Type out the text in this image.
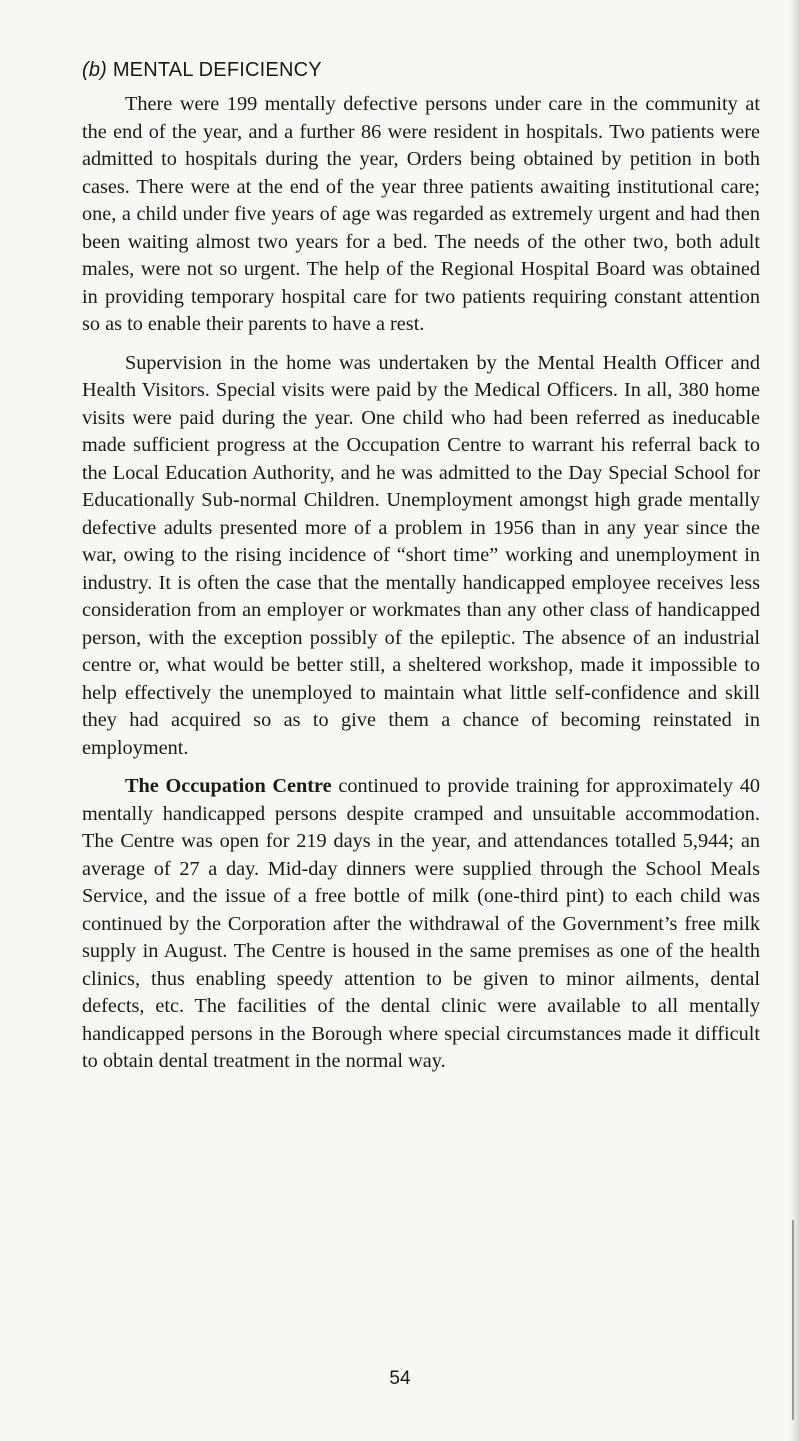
(b) MENTAL DEFICIENCY

There were 199 mentally defective persons under care in the community at the end of the year, and a further 86 were resident in hospitals. Two patients were admitted to hospitals during the year, Orders being obtained by petition in both cases. There were at the end of the year three patients awaiting institutional care; one, a child under five years of age was regarded as extremely urgent and had then been waiting almost two years for a bed. The needs of the other two, both adult males, were not so urgent. The help of the Regional Hospital Board was obtained in providing temporary hospital care for two patients requiring constant attention so as to enable their parents to have a rest.

Supervision in the home was undertaken by the Mental Health Officer and Health Visitors. Special visits were paid by the Medical Officers. In all, 380 home visits were paid during the year. One child who had been referred as ineducable made sufficient progress at the Occupation Centre to warrant his referral back to the Local Education Authority, and he was admitted to the Day Special School for Educationally Sub-normal Children. Unemployment amongst high grade mentally defective adults presented more of a problem in 1956 than in any year since the war, owing to the rising incidence of “short time” working and unemployment in industry. It is often the case that the mentally handicapped employee receives less consideration from an employer or workmates than any other class of handicapped person, with the exception possibly of the epileptic. The absence of an industrial centre or, what would be better still, a sheltered workshop, made it impossible to help effectively the unemployed to maintain what little self-confidence and skill they had acquired so as to give them a chance of becoming reinstated in employment.

The Occupation Centre continued to provide training for approximately 40 mentally handicapped persons despite cramped and unsuitable accommodation. The Centre was open for 219 days in the year, and attendances totalled 5,944; an average of 27 a day. Mid-day dinners were supplied through the School Meals Service, and the issue of a free bottle of milk (one-third pint) to each child was continued by the Corporation after the withdrawal of the Government’s free milk supply in August. The Centre is housed in the same premises as one of the health clinics, thus enabling speedy attention to be given to minor ailments, dental defects, etc. The facilities of the dental clinic were available to all mentally handicapped persons in the Borough where special circumstances made it difficult to obtain dental treatment in the normal way.

54
